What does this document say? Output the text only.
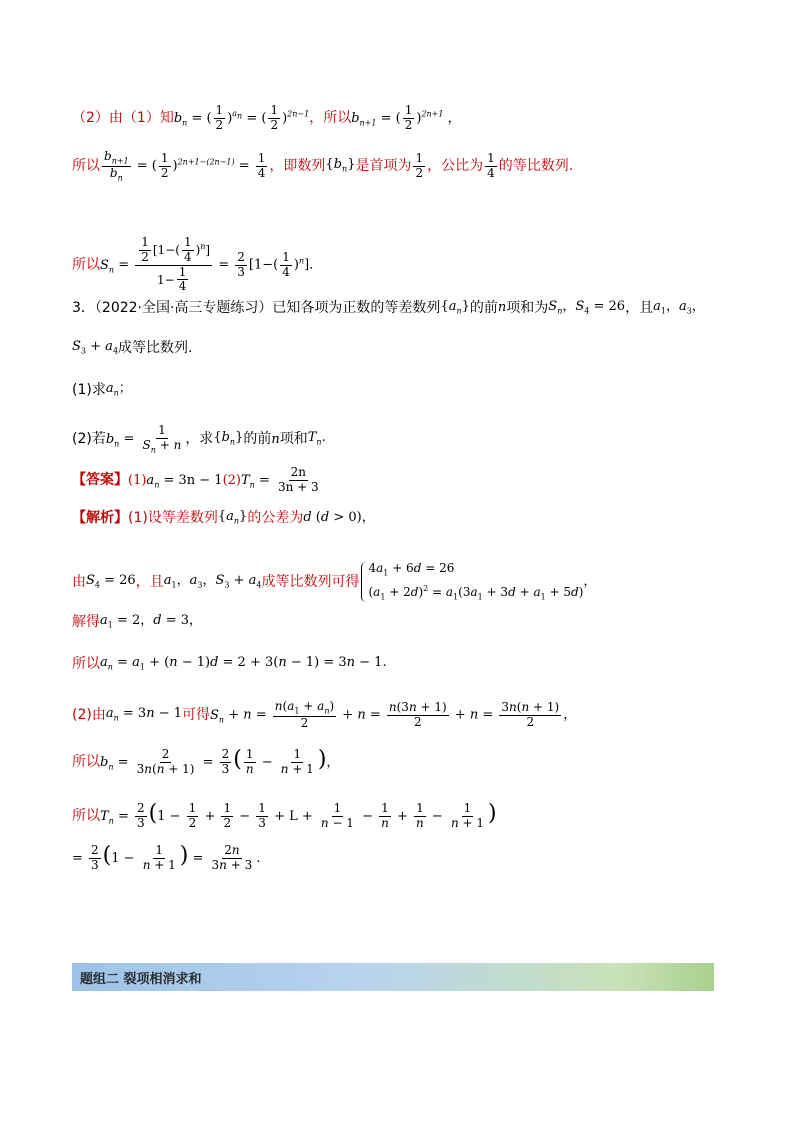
（2）由（1）知 $b_n$ = ( $\frac{1}{2} )^{a_n}$ = ( $\frac{1}{2} )^{2n-1}$ ，所以 $b_{n+1}$ = ( $\frac{1}{2} )^{2n+1}$ ，
所以 $\frac{b_{n+1}}{b_n}$ = ( $\frac{1}{2} )^{2n+1-(2n-1)} = \frac{1}{4}$ ，即数列 $\{b_n\}$ 是首项为 $\frac{1}{2}$ ，公比为 $\frac{1}{4}$ 的等比数列.
所以 $S_n = \frac{\frac{1}{2} [1-( \frac{1}{4} )^n]}{1- \frac{1}{4}} = \frac{2}{3} [1-( \frac{1}{4} )^n]$．
3．（2022·全国·高三专题练习）已知各项为正数的等差数列 $\{a_n\}$ 的前 n 项和为 $S_n$，$S_4 = 26$ ，且 $a_1$，$a_3$，
$S_3 + a_4$ 成等比数列.
(1)求 $a_n$；
(2)若 $b_n = \frac{1}{S_n + n}$ ，求 $\{b_n\}$ 的前 n 项和 $T_n$.
【答案】 $(1)a_n = 3n - 1(2)T_n = \frac{2n}{3n + 3}$
【解析】 (1)设等差数列 $\{a_n\}$ 的公差为 d (d > 0)，
由 $S_4 = 26$ ，且 $a_1$，$a_3$，$S_3 + a_4$ 成等比数列可得
$4a_1 + 6d = 26$
$(a_1 + 2d)^2 = a_1(3a_1 + 3d + a_1 + 5d)$
，
解得 $a_1 = 2$，d = 3，
所以 $a_n = a_1 + (n - 1)d = 2 + 3(n - 1) = 3n - 1$.
(2)由 $a_n = 3n - 1$ 可得 $S_n + n = \frac{n(a_1 + a_n)}{2} + n = \frac{n(3n + 1)}{2} + n = \frac{3n(n + 1)}{2}$ ，
所以 $b_n = \frac{2}{3n(n + 1)} = \frac{2}{3}$ ( $\frac{1}{n} - \frac{1}{n + 1}$ )，
所以 $T_n = \frac{2}{3} (1 - \frac{1}{2} + \frac{1}{2} - \frac{1}{3} + L + \frac{1}{n - 1} - \frac{1}{n} + \frac{1}{n} - \frac{1}{n + 1}$ )
= $\frac{2}{3} (1 - \frac{1}{n + 1}$ ) = $\frac{2n}{3n + 3}$ .
题组二 裂项相消求和
